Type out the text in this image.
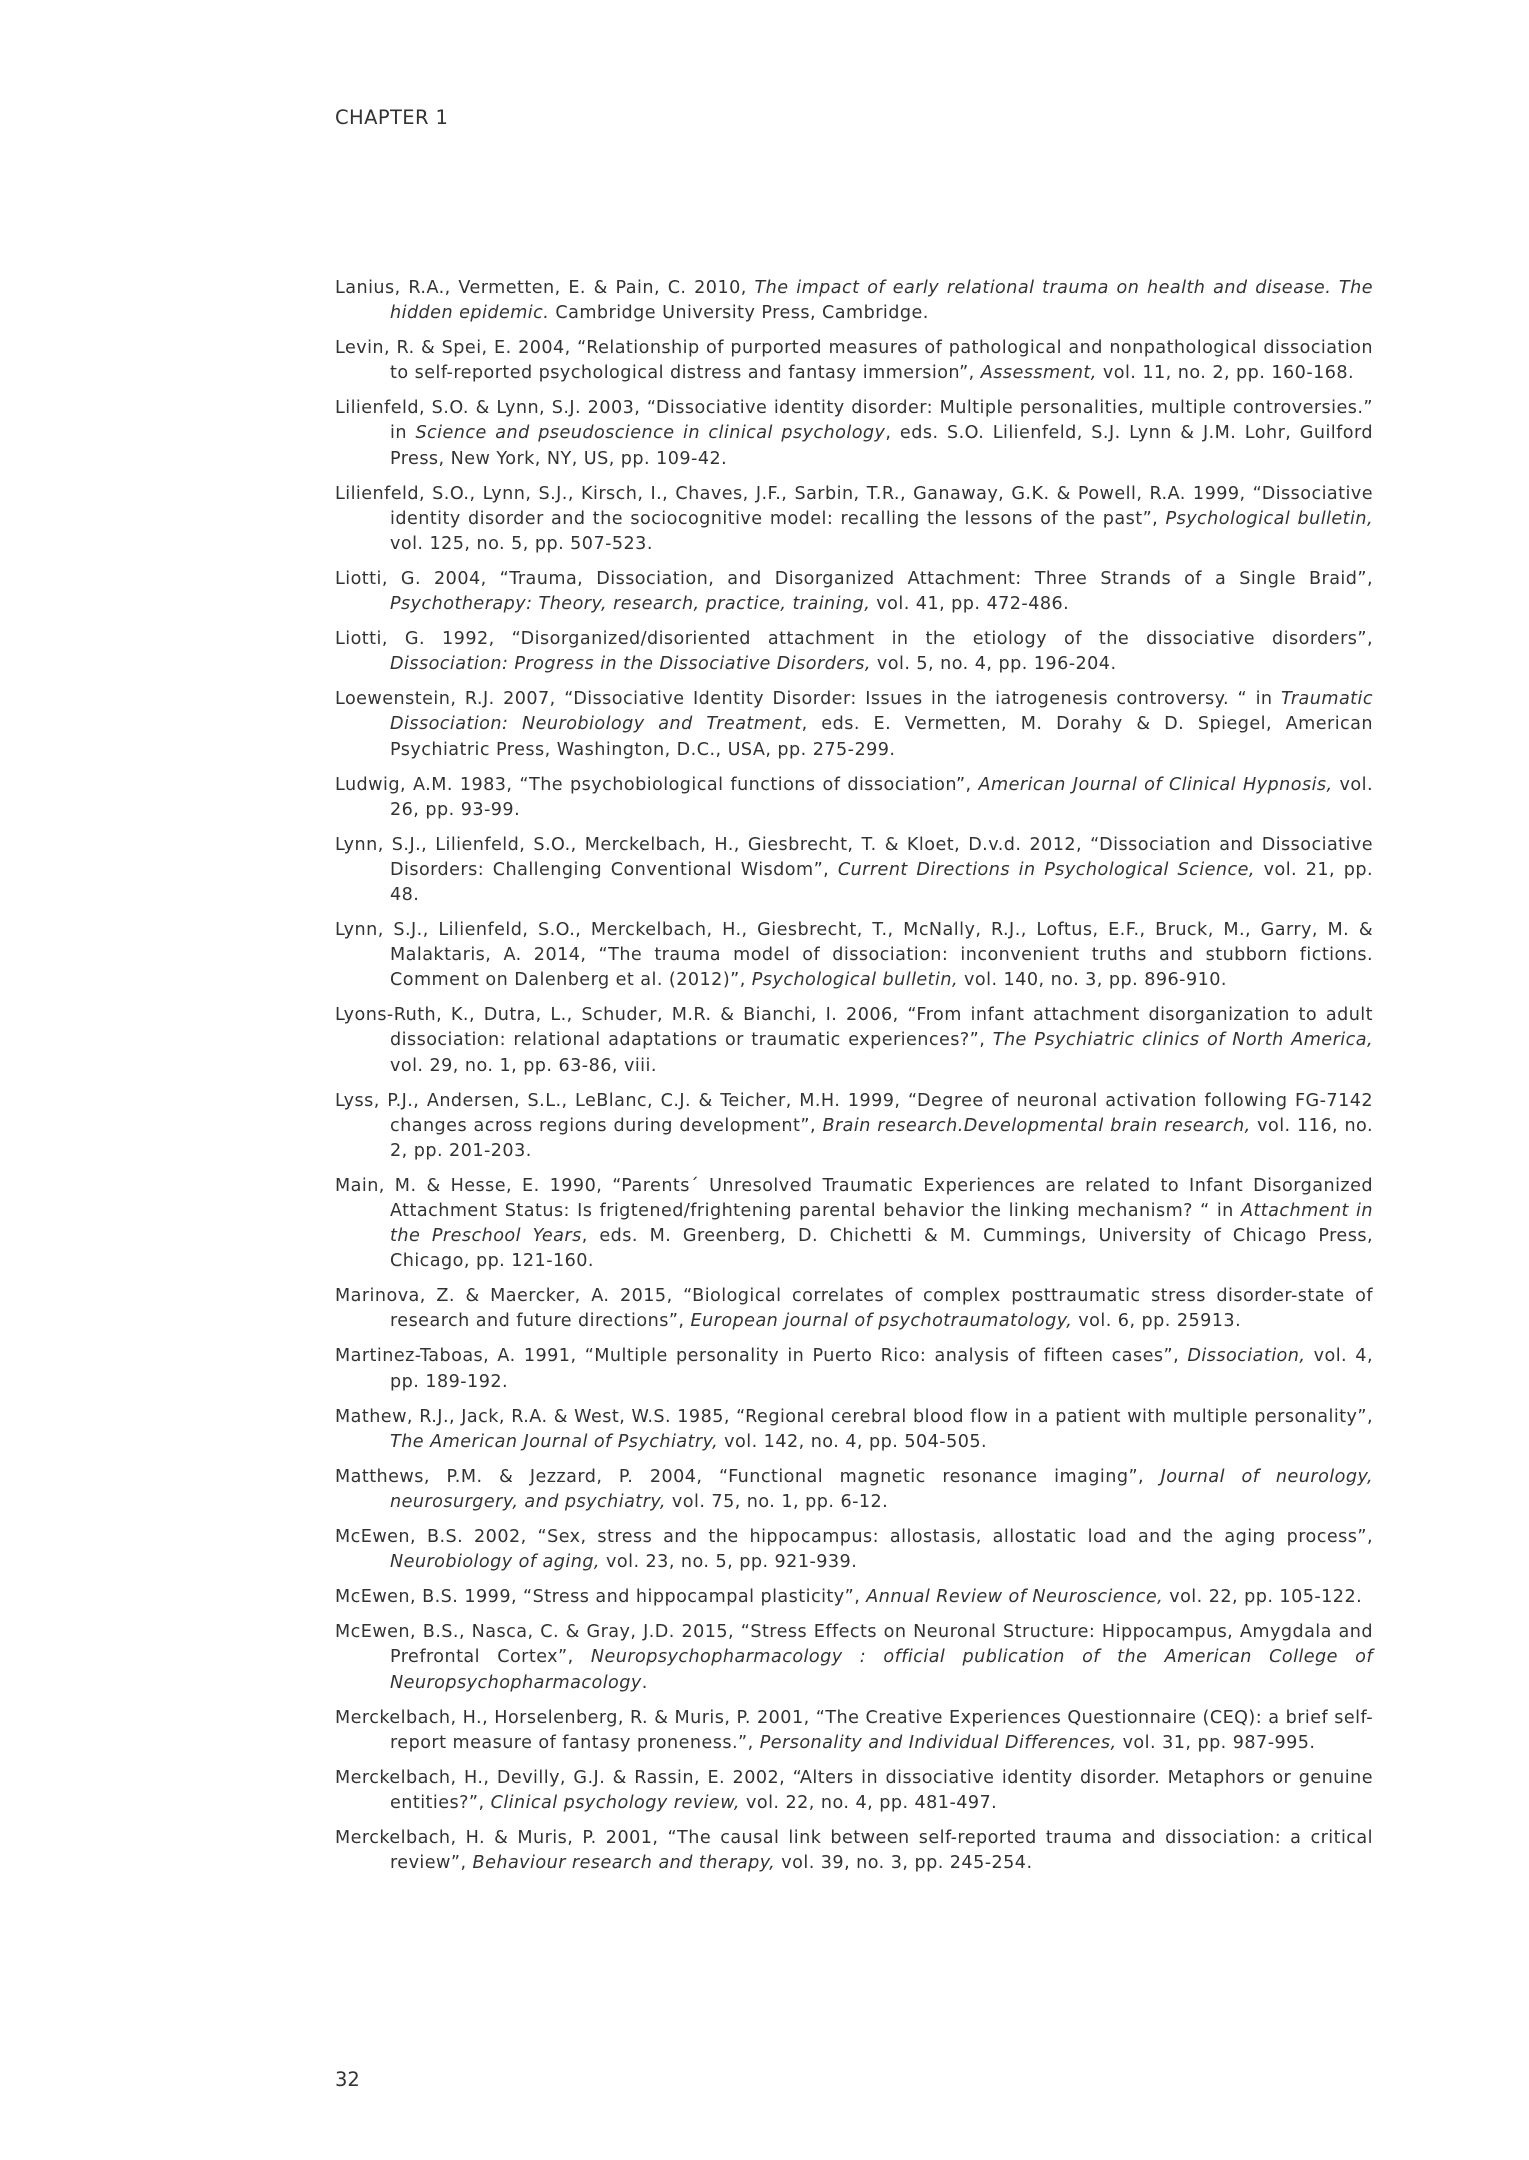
CHAPTER 1
Lanius, R.A., Vermetten, E. & Pain, C. 2010, The impact of early relational trauma on health and disease. The hidden epidemic. Cambridge University Press, Cambridge.
Levin, R. & Spei, E. 2004, “Relationship of purported measures of pathological and nonpathological dissociation to self-reported psychological distress and fantasy immersion”, Assessment, vol. 11, no. 2, pp. 160-168.
Lilienfeld, S.O. & Lynn, S.J. 2003, “Dissociative identity disorder: Multiple personalities, multiple controversies.” in Science and pseudoscience in clinical psychology, eds. S.O. Lilienfeld, S.J. Lynn & J.M. Lohr, Guilford Press, New York, NY, US, pp. 109-42.
Lilienfeld, S.O., Lynn, S.J., Kirsch, I., Chaves, J.F., Sarbin, T.R., Ganaway, G.K. & Powell, R.A. 1999, “Dissociative identity disorder and the sociocognitive model: recalling the lessons of the past”, Psychological bulletin, vol. 125, no. 5, pp. 507-523.
Liotti, G. 2004, “Trauma, Dissociation, and Disorganized Attachment: Three Strands of a Single Braid”, Psychotherapy: Theory, research, practice, training, vol. 41, pp. 472-486.
Liotti, G. 1992, “Disorganized/disoriented attachment in the etiology of the dissociative disorders”, Dissociation: Progress in the Dissociative Disorders, vol. 5, no. 4, pp. 196-204.
Loewenstein, R.J. 2007, “Dissociative Identity Disorder: Issues in the iatrogenesis controversy. “ in Traumatic Dissociation: Neurobiology and Treatment, eds. E. Vermetten, M. Dorahy & D. Spiegel, American Psychiatric Press, Washington, D.C., USA, pp. 275-299.
Ludwig, A.M. 1983, “The psychobiological functions of dissociation”, American Journal of Clinical Hypnosis, vol. 26, pp. 93-99.
Lynn, S.J., Lilienfeld, S.O., Merckelbach, H., Giesbrecht, T. & Kloet, D.v.d. 2012, “Dissociation and Dissociative Disorders: Challenging Conventional Wisdom”, Current Directions in Psychological Science, vol. 21, pp. 48.
Lynn, S.J., Lilienfeld, S.O., Merckelbach, H., Giesbrecht, T., McNally, R.J., Loftus, E.F., Bruck, M., Garry, M. & Malaktaris, A. 2014, “The trauma model of dissociation: inconvenient truths and stubborn fictions. Comment on Dalenberg et al. (2012)”, Psychological bulletin, vol. 140, no. 3, pp. 896-910.
Lyons-Ruth, K., Dutra, L., Schuder, M.R. & Bianchi, I. 2006, “From infant attachment disorganization to adult dissociation: relational adaptations or traumatic experiences?”, The Psychiatric clinics of North America, vol. 29, no. 1, pp. 63-86, viii.
Lyss, P.J., Andersen, S.L., LeBlanc, C.J. & Teicher, M.H. 1999, “Degree of neuronal activation following FG-7142 changes across regions during development”, Brain research.Developmental brain research, vol. 116, no. 2, pp. 201-203.
Main, M. & Hesse, E. 1990, “Parents´ Unresolved Traumatic Experiences are related to Infant Disorganized Attachment Status: Is frigtened/frightening parental behavior the linking mechanism? “ in Attachment in the Preschool Years, eds. M. Greenberg, D. Chichetti & M. Cummings, University of Chicago Press, Chicago, pp. 121-160.
Marinova, Z. & Maercker, A. 2015, “Biological correlates of complex posttraumatic stress disorder-state of research and future directions”, European journal of psychotraumatology, vol. 6, pp. 25913.
Martinez-Taboas, A. 1991, “Multiple personality in Puerto Rico: analysis of fifteen cases”, Dissociation, vol. 4, pp. 189-192.
Mathew, R.J., Jack, R.A. & West, W.S. 1985, “Regional cerebral blood flow in a patient with multiple personality”, The American Journal of Psychiatry, vol. 142, no. 4, pp. 504-505.
Matthews, P.M. & Jezzard, P. 2004, “Functional magnetic resonance imaging”, Journal of neurology, neurosurgery, and psychiatry, vol. 75, no. 1, pp. 6-12.
McEwen, B.S. 2002, “Sex, stress and the hippocampus: allostasis, allostatic load and the aging process”, Neurobiology of aging, vol. 23, no. 5, pp. 921-939.
McEwen, B.S. 1999, “Stress and hippocampal plasticity”, Annual Review of Neuroscience, vol. 22, pp. 105-122.
McEwen, B.S., Nasca, C. & Gray, J.D. 2015, “Stress Effects on Neuronal Structure: Hippocampus, Amygdala and Prefrontal Cortex”, Neuropsychopharmacology : official publication of the American College of Neuropsychopharmacology.
Merckelbach, H., Horselenberg, R. & Muris, P. 2001, “The Creative Experiences Questionnaire (CEQ): a brief self-report measure of fantasy proneness.”, Personality and Individual Differences, vol. 31, pp. 987-995.
Merckelbach, H., Devilly, G.J. & Rassin, E. 2002, “Alters in dissociative identity disorder. Metaphors or genuine entities?”, Clinical psychology review, vol. 22, no. 4, pp. 481-497.
Merckelbach, H. & Muris, P. 2001, “The causal link between self-reported trauma and dissociation: a critical review”, Behaviour research and therapy, vol. 39, no. 3, pp. 245-254.
32
